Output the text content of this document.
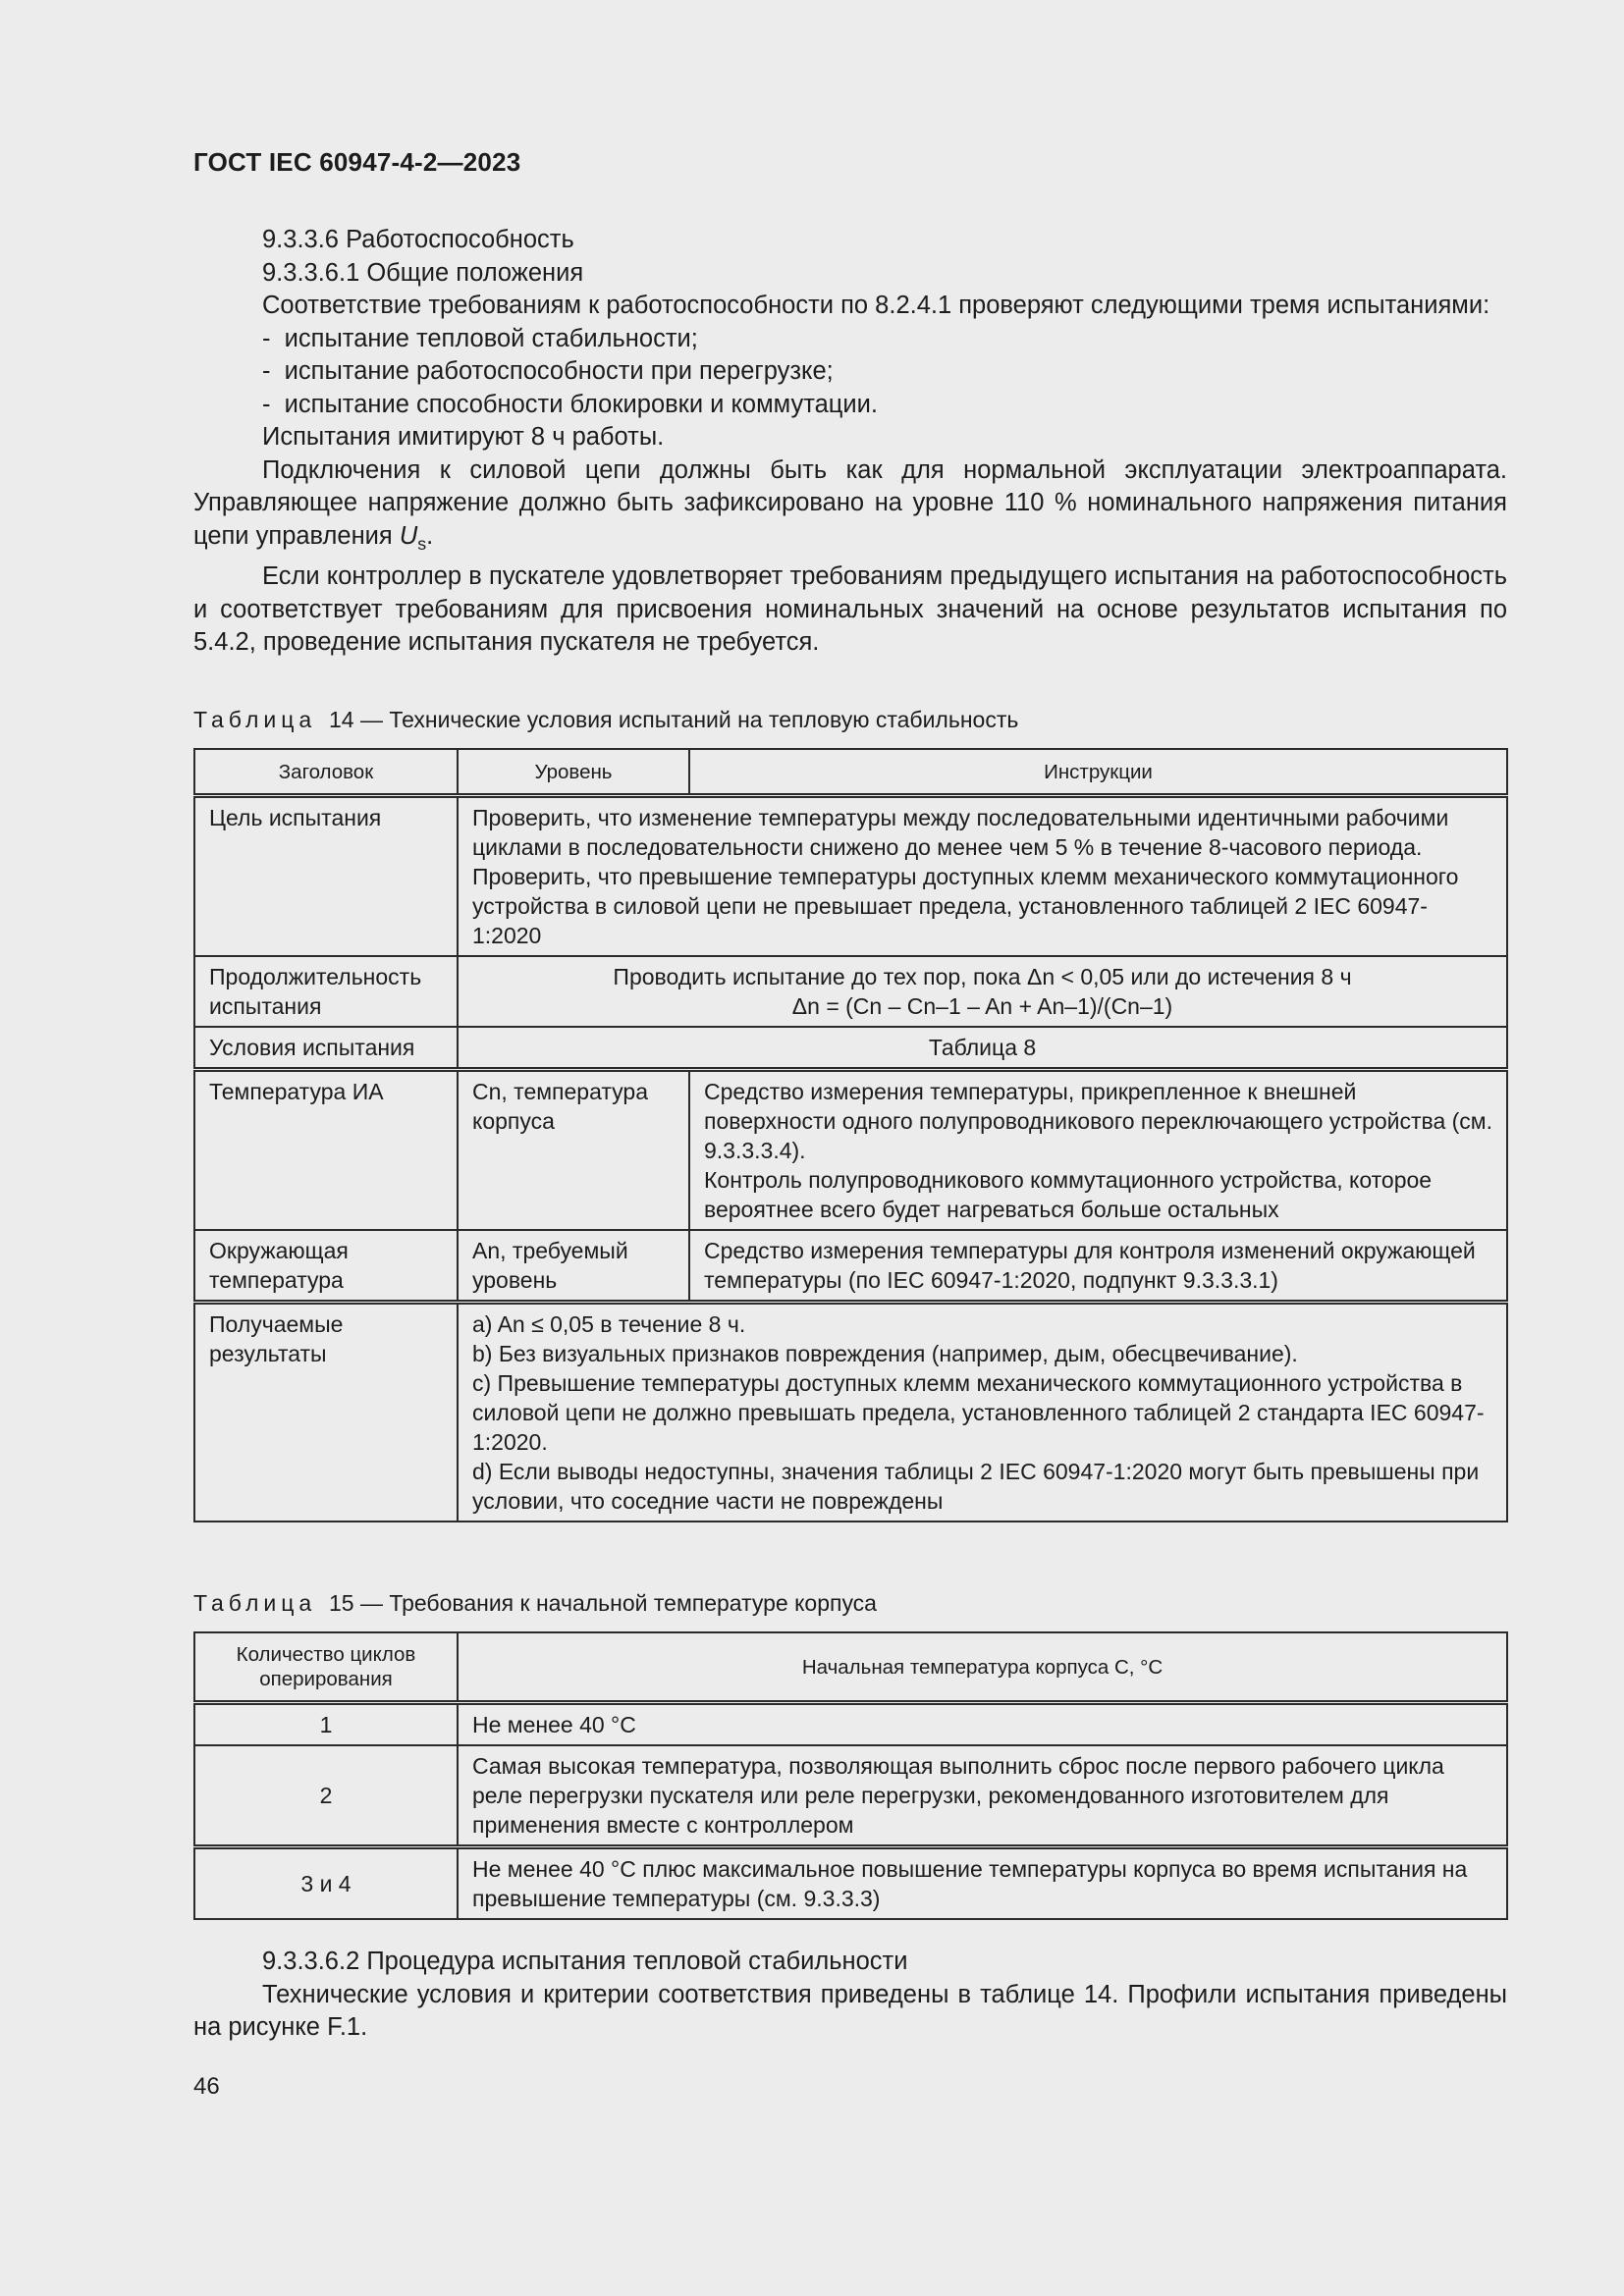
ГОСТ IEC 60947-4-2—2023

9.3.3.6 Работоспособность

9.3.3.6.1 Общие положения

Соответствие требованиям к работоспособности по 8.2.4.1 проверяют следующими тремя испытаниями:

-  испытание тепловой стабильности;

-  испытание работоспособности при перегрузке;

-  испытание способности блокировки и коммутации.

Испытания имитируют 8 ч работы.

Подключения к силовой цепи должны быть как для нормальной эксплуатации электроаппарата. Управляющее напряжение должно быть зафиксировано на уровне 110 % номинального напряжения питания цепи управления $U_s$.

Если контроллер в пускателе удовлетворяет требованиям предыдущего испытания на работоспособность и соответствует требованиям для присвоения номинальных значений на основе результатов испытания по 5.4.2, проведение испытания пускателя не требуется.

Таблица 14 — Технические условия испытаний на тепловую стабильность
Заголовок	Уровень	Инструкции
Цель испытания	Проверить, что изменение температуры между последовательными идентичными рабочими циклами в последовательности снижено до менее чем 5 % в течение 8-часового периода.
Проверить, что превышение температуры доступных клемм механического коммутационного устройства в силовой цепи не превышает предела, установленного таблицей 2 IEC 60947-1:2020	

Продолжительность испытания	Проводить испытание до тех пор, пока Δn < 0,05 или до истечения 8 ч
Δn = (Cn – Cn–1 – An + An–1)/(Cn–1)	

Условия испытания	Таблица 8	
Температура ИА	Cn, температура корпуса	Средство измерения температуры, прикрепленное к внешней поверхности одного полупроводникового переключающего устройства (см. 9.3.3.3.4).
Контроль полупроводникового коммутационного устройства, которое вероятнее всего будет нагреваться больше остальных

Окружающая температура	An, требуемый уровень	Средство измерения температуры для контроля изменений окружающей температуры (по IEC 60947-1:2020, подпункт 9.3.3.3.1)
Получаемые результаты	a) An ≤ 0,05 в течение 8 ч.
b) Без визуальных признаков повреждения (например, дым, обесцвечивание).
c) Превышение температуры доступных клемм механического коммутационного устройства в силовой цепи не должно превышать предела, установленного таблицей 2 стандарта IEC 60947-1:2020.
d) Если выводы недоступны, значения таблицы 2 IEC 60947-1:2020 могут быть превышены при условии, что соседние части не повреждены	
Таблица 15 — Требования к начальной температуре корпуса
Количество циклов оперирования	Начальная температура корпуса C, °C
1	Не менее 40 °С
2	Самая высокая температура, позволяющая выполнить сброс после первого рабочего цикла реле перегрузки пускателя или реле перегрузки, рекомендованного изготовителем для применения вместе с контроллером
3 и 4	Не менее 40 °С плюс максимальное повышение температуры корпуса во время испытания на превышение температуры (см. 9.3.3.3)

9.3.3.6.2 Процедура испытания тепловой стабильности

Технические условия и критерии соответствия приведены в таблице 14. Профили испытания приведены на рисунке F.1.

46
